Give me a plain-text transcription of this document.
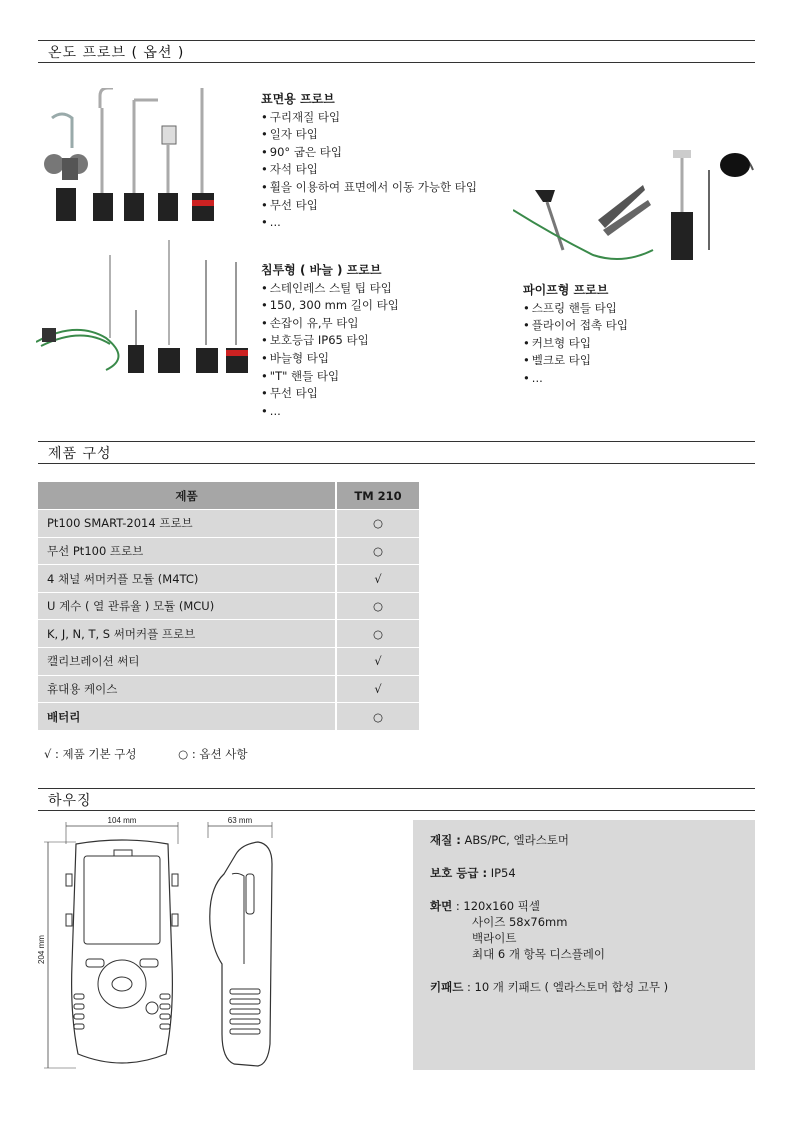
온도 프로브 ( 옵션 )
표면용 프로브
• 구리재질 타입
• 일자 타입
• 90° 굽은 타입
• 자석 타입
• 휠을 이용하여 표면에서 이동 가능한 타입
• 무선 타입
• ...
침투형 ( 바늘 ) 프로브
• 스테인레스 스틸 팁 타입
• 150, 300 mm 길이 타입
• 손잡이 유,무 타입
• 보호등급 IP65 타입
• 바늘형 타입
• "T" 핸들 타입
• 무선 타입
• ...
파이프형 프로브
• 스프링 핸들 타입
• 플라이어 접촉 타입
• 커브형 타입
• 벨크로 타입
• ...
제품 구성
제품	TM 210
Pt100 SMART-2014 프로브	○
무선 Pt100 프로브	○
4 채널 써머커플 모듈 (M4TC)	√
U 계수 ( 열 관류율 ) 모듈 (MCU)	○
K, J, N, T, S 써머커플 프로브	○
캘리브레이션 써티	√
휴대용 케이스	√
배터리	○
√ : 제품 기본 구성	○ : 옵션 사항
하우징
104 mm
204 mm
63 mm
재질 : ABS/PC, 엘라스토머
보호 등급 : IP54
화면 : 120x160 픽셀
사이즈 58x76mm
백라이트
최대 6 개 항목 디스플레이
키패드 : 10 개 키패드 ( 엘라스토머 합성 고무 )
